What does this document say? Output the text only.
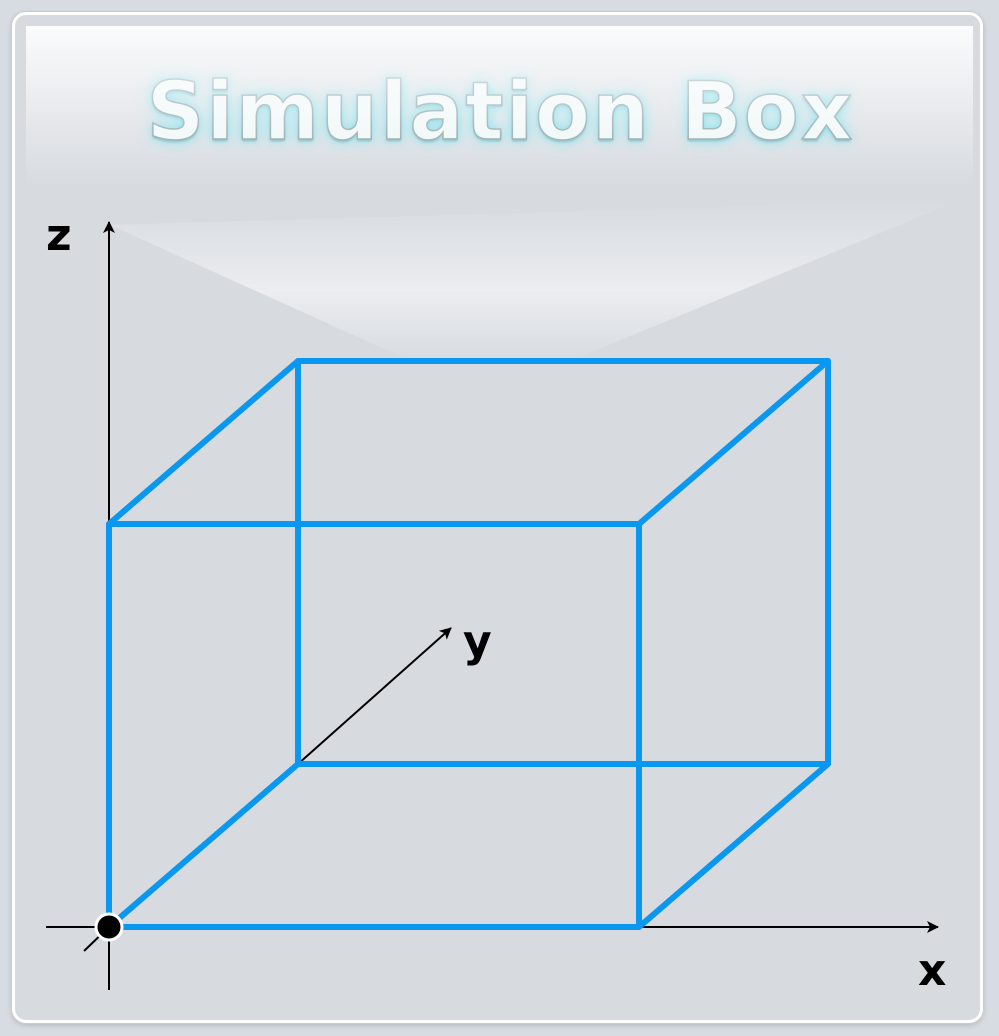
z
y
x
